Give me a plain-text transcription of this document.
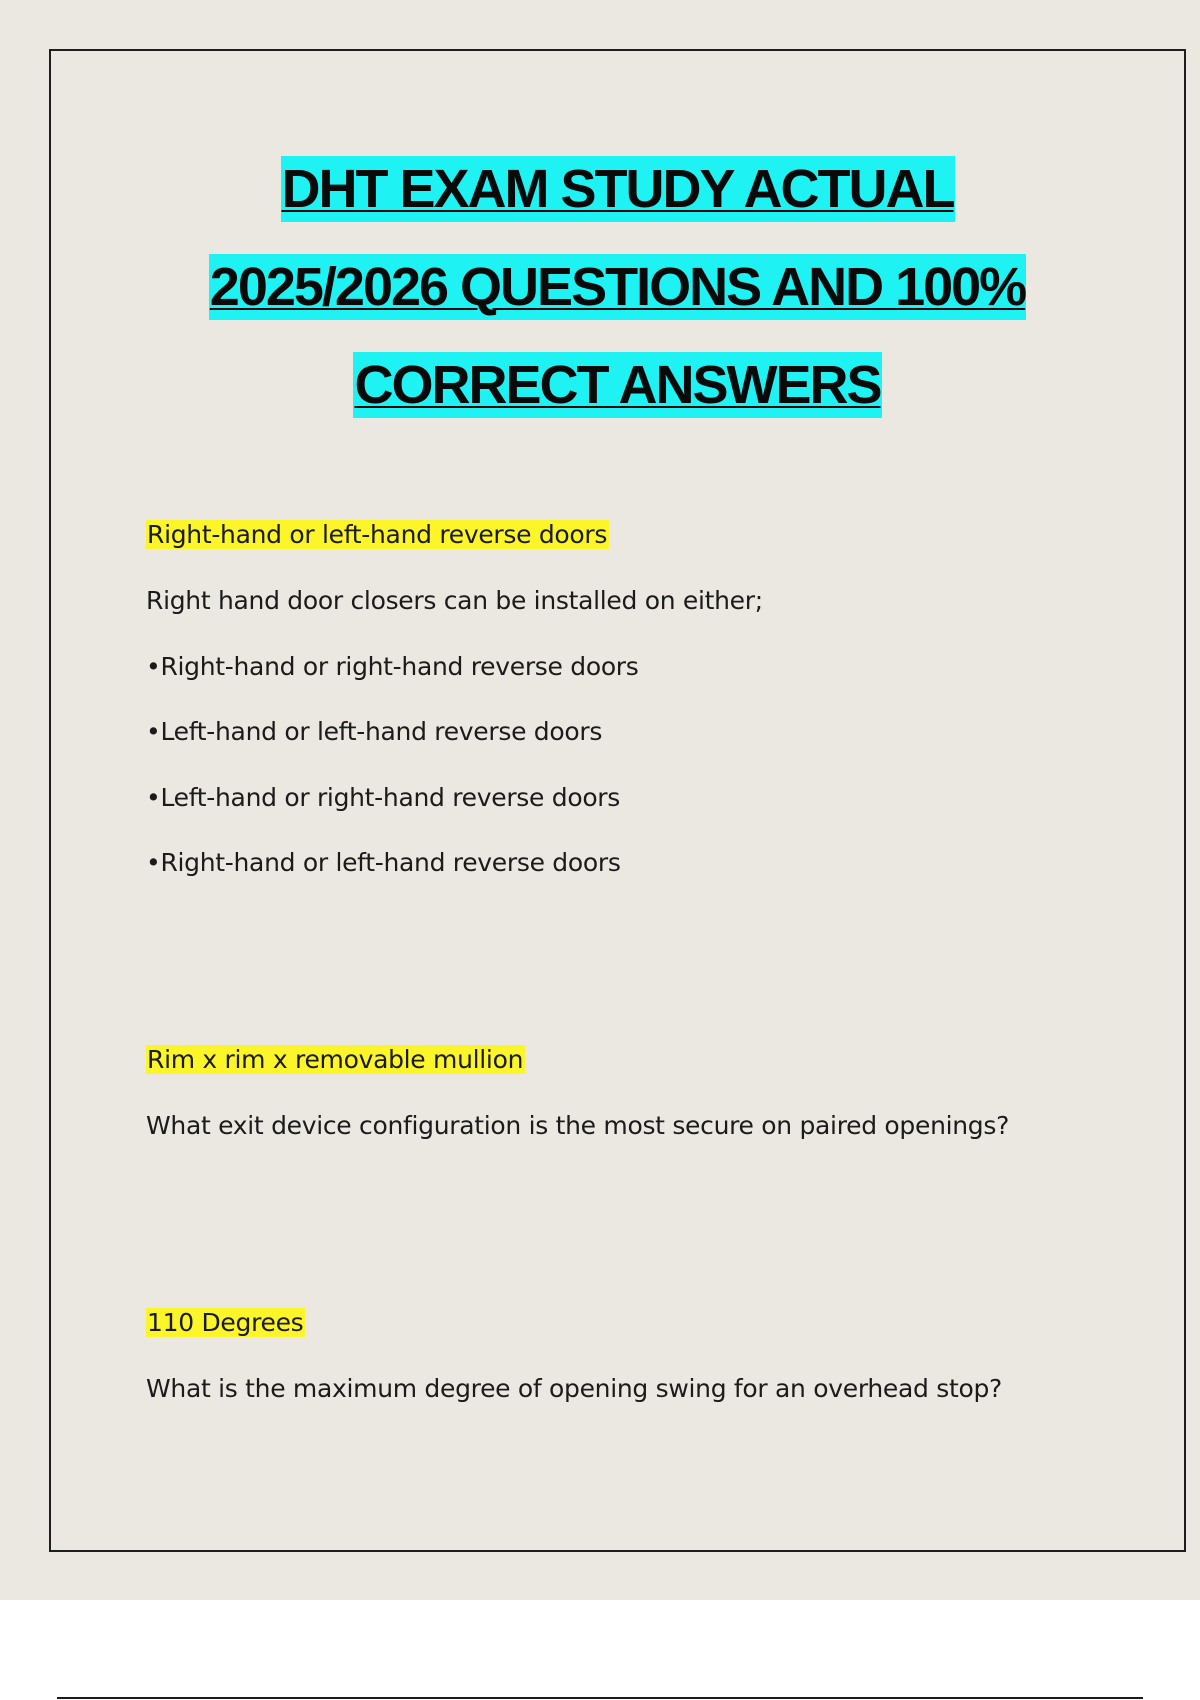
DHT EXAM STUDY ACTUAL
2025/2026 QUESTIONS AND 100%
CORRECT ANSWERS
Right-hand or left-hand reverse doors
Right hand door closers can be installed on either;
•Right-hand or right-hand reverse doors
•Left-hand or left-hand reverse doors
•Left-hand or right-hand reverse doors
•Right-hand or left-hand reverse doors
Rim x rim x removable mullion
What exit device configuration is the most secure on paired openings?
110 Degrees
What is the maximum degree of opening swing for an overhead stop?
